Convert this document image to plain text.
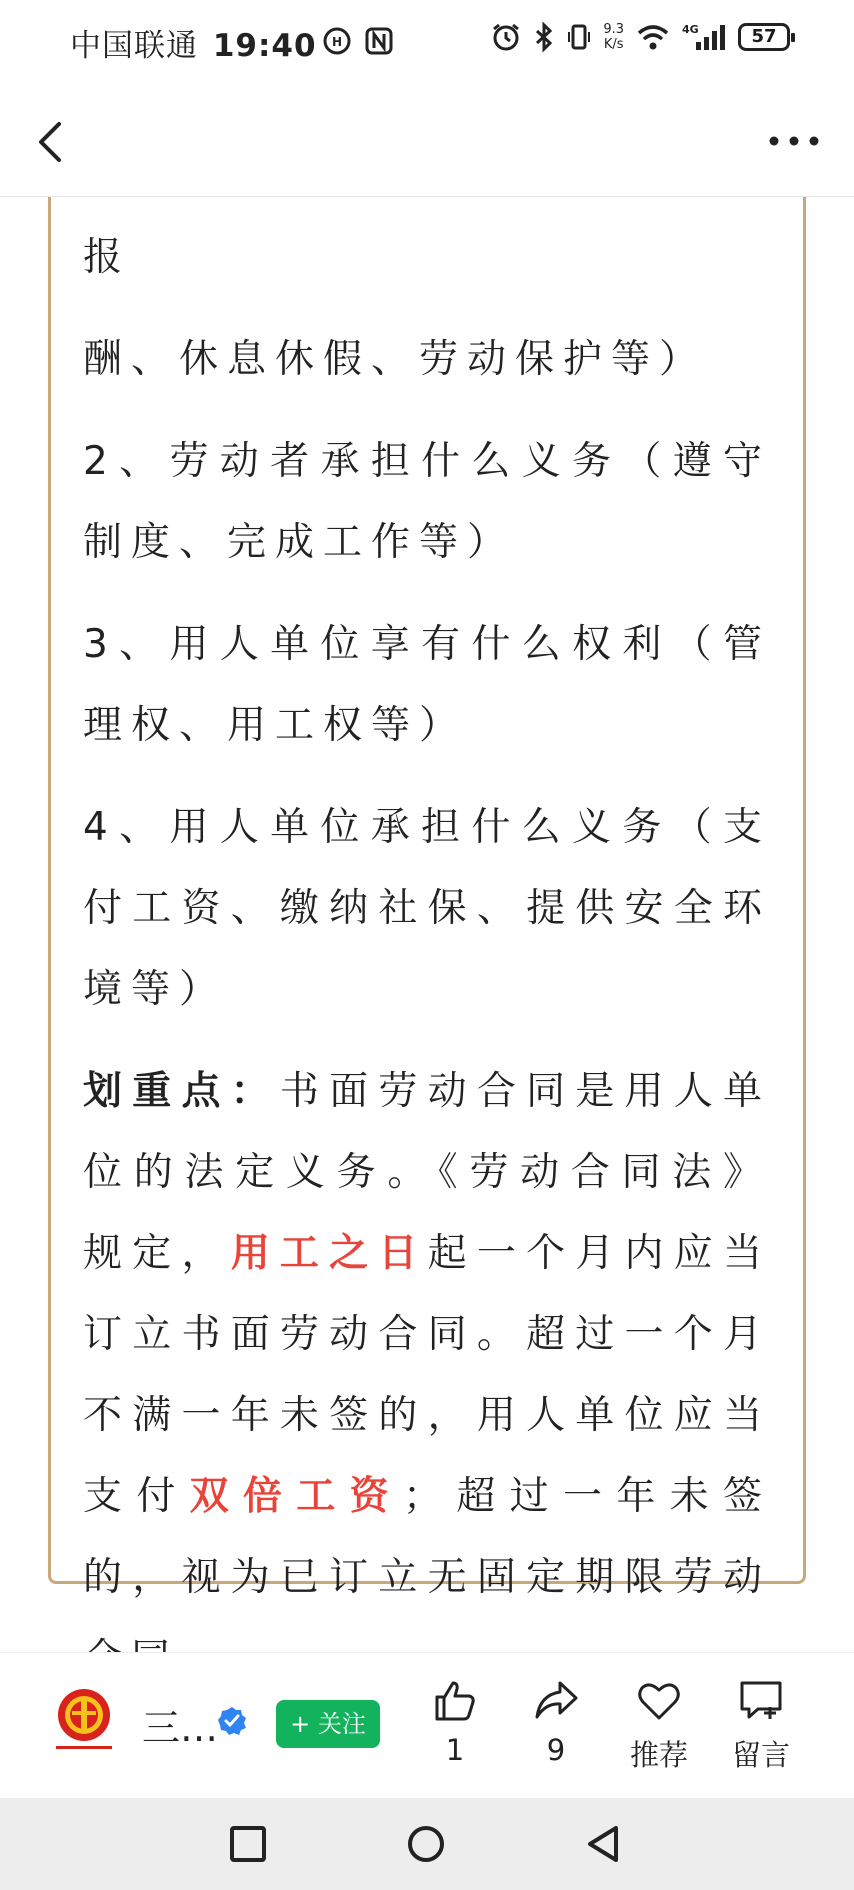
中国联通 19:40 H
9.3
K/s
4G	57

报

酬、休息休假、劳动保护等）

2、劳动者承担什么义务（遵守制度、完成工作等）

3、用人单位享有什么权利（管理权、用工权等）

4、用人单位承担什么义务（支付工资、缴纳社保、提供安全环境等）

划重点：书面劳动合同是用人单位的法定义务。《劳动合同法》规定，用工之日起一个月内应当订立书面劳动合同。超过一个月不满一年未签的，用人单位应当支付双倍工资；超过一年未签的，视为已订立无固定期限劳动

三…	+ 关注
1	9	推荐	留言
